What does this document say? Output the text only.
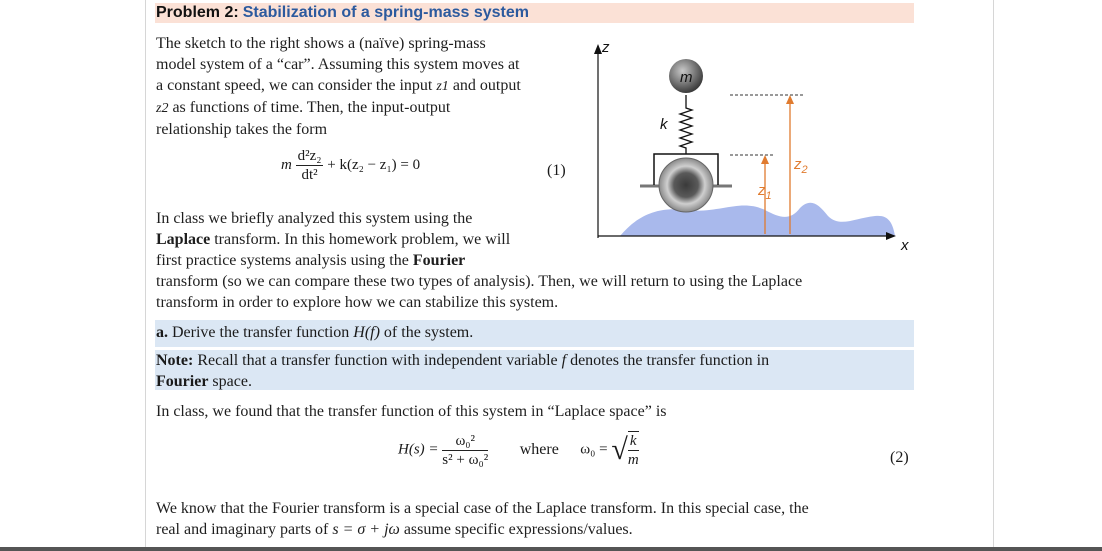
Problem 2: Stabilization of a spring-mass system
The sketch to the right shows a (naïve) spring-mass
model system of a “car”. Assuming this system moves at
a constant speed, we can consider the input z1 and output
z2 as functions of time. Then, the input-output
relationship takes the form
m $\frac{\text{d²z₂}}{\text{dt²}} + k(z_2 - z_1) = 0$	(1)
In class we briefly analyzed this system using the
Laplace transform. In this homework problem, we will
first practice systems analysis using the Fourier
transform (so we can compare these two types of analysis). Then, we will return to using the Laplace
transform in order to explore how we can stabilize this system.
a. Derive the transfer function H(f) of the system.
Note: Recall that a transfer function with independent variable f denotes the transfer function in
Fourier space.
In class, we found that the transfer function of this system in “Laplace space” is
$H(s) = \frac{\text{ω₀²}}{\text{s² + ω₀²}}$ where ω₀ = √ $\frac{k}{m}$	(2)
We know that the Fourier transform is a special case of the Laplace transform. In this special case, the
real and imaginary parts of s = σ + jω assume specific expressions/values.
z
x
k
m
$z_1$
$z_2$
